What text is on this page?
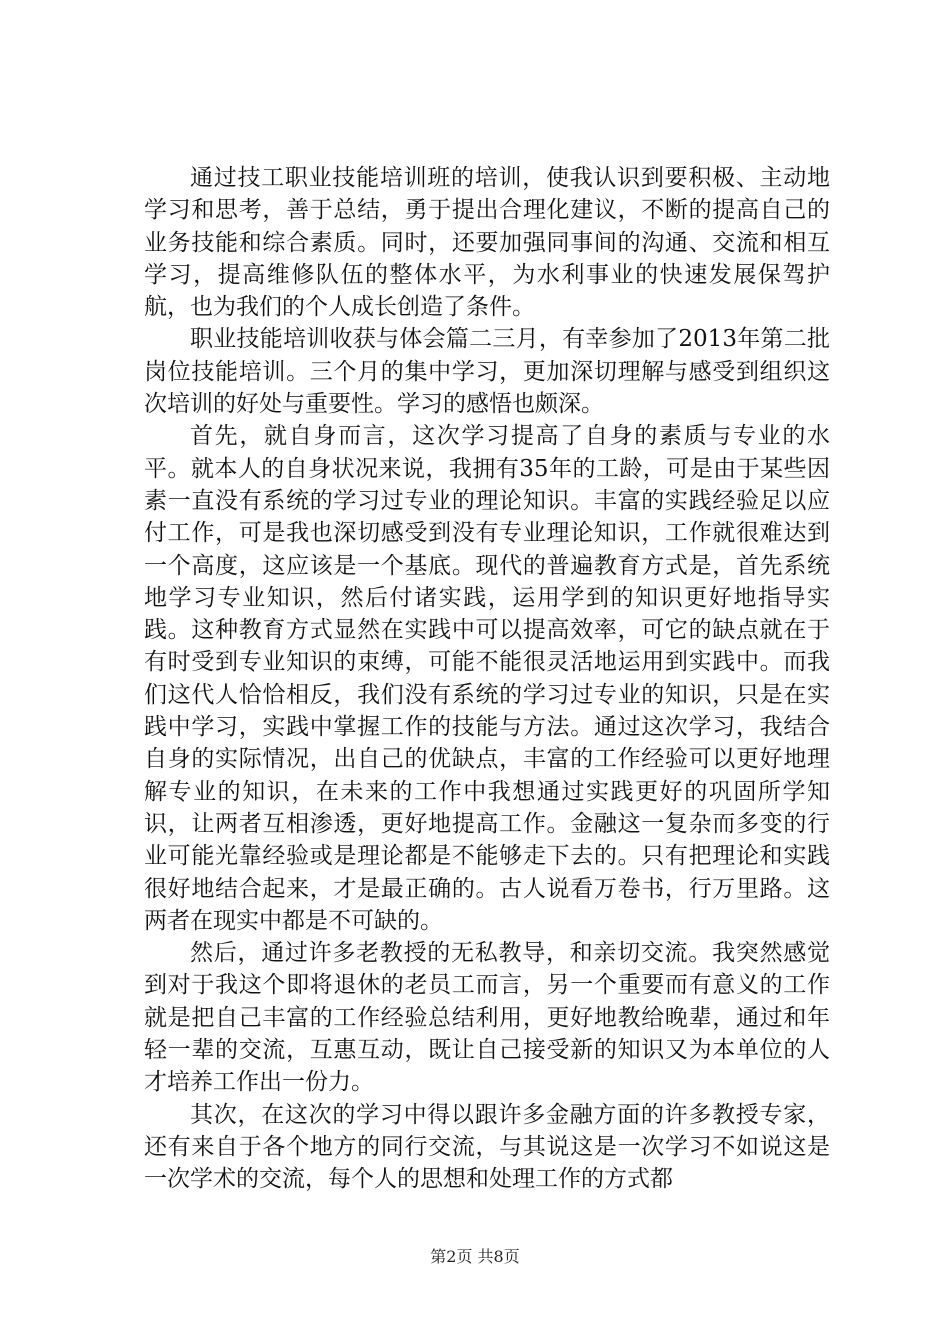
通过技工职业技能培训班的培训，使我认识到要积极、主动地学习和思考，善于总结，勇于提出合理化建议，不断的提高自己的业务技能和综合素质。同时，还要加强同事间的沟通、交流和相互学习，提高维修队伍的整体水平，为水利事业的快速发展保驾护航，也为我们的个人成长创造了条件。

职业技能培训收获与体会篇二三月，有幸参加了2013年第二批岗位技能培训。三个月的集中学习，更加深切理解与感受到组织这次培训的好处与重要性。学习的感悟也颇深。

首先，就自身而言，这次学习提高了自身的素质与专业的水平。就本人的自身状况来说，我拥有35年的工龄，可是由于某些因素一直没有系统的学习过专业的理论知识。丰富的实践经验足以应付工作，可是我也深切感受到没有专业理论知识，工作就很难达到一个高度，这应该是一个基底。现代的普遍教育方式是，首先系统地学习专业知识，然后付诸实践，运用学到的知识更好地指导实践。这种教育方式显然在实践中可以提高效率，可它的缺点就在于有时受到专业知识的束缚，可能不能很灵活地运用到实践中。而我们这代人恰恰相反，我们没有系统的学习过专业的知识，只是在实践中学习，实践中掌握工作的技能与方法。通过这次学习，我结合自身的实际情况，出自己的优缺点，丰富的工作经验可以更好地理解专业的知识，在未来的工作中我想通过实践更好的巩固所学知识，让两者互相渗透，更好地提高工作。金融这一复杂而多变的行业可能光靠经验或是理论都是不能够走下去的。只有把理论和实践很好地结合起来，才是最正确的。古人说看万卷书，行万里路。这两者在现实中都是不可缺的。

然后，通过许多老教授的无私教导，和亲切交流。我突然感觉到对于我这个即将退休的老员工而言，另一个重要而有意义的工作就是把自己丰富的工作经验总结利用，更好地教给晚辈，通过和年轻一辈的交流，互惠互动，既让自己接受新的知识又为本单位的人才培养工作出一份力。

其次，在这次的学习中得以跟许多金融方面的许多教授专家，还有来自于各个地方的同行交流，与其说这是一次学习不如说这是一次学术的交流，每个人的思想和处理工作的方式都

第2页 共8页
